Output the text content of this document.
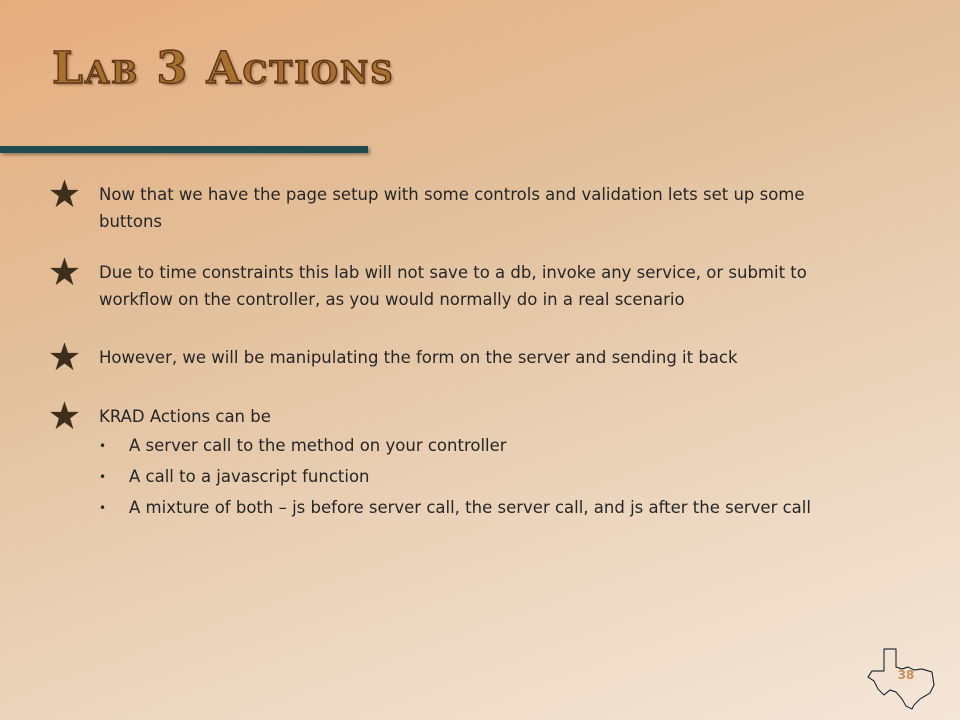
Lab 3 Actions

Now that we have the page setup with some controls and validation lets set up some buttons

Due to time constraints this lab will not save to a db, invoke any service, or submit to workflow on the controller, as you would normally do in a real scenario

However, we will be manipulating the form on the server and sending it back

KRAD Actions can be

• A server call to the method on your controller
• A call to a javascript function
• A mixture of both – js before server call, the server call, and js after the server call
38
